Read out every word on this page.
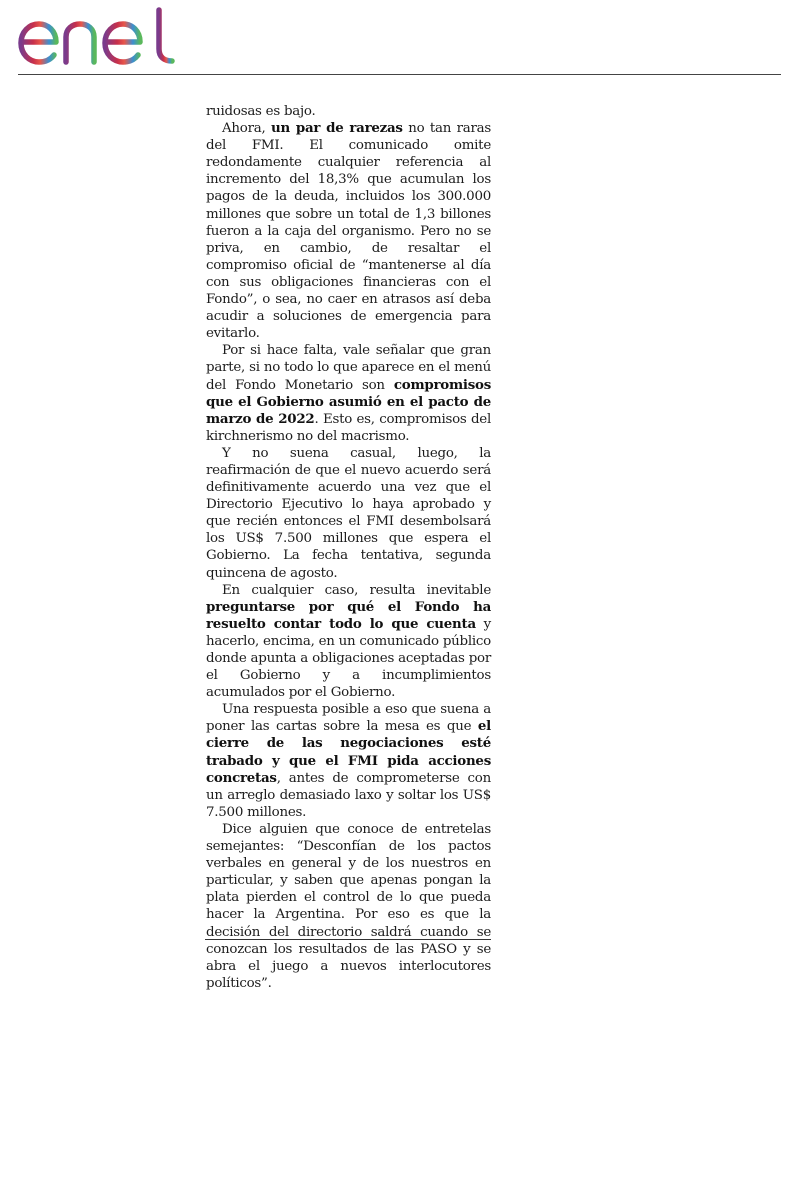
ruidosas es bajo.

Ahora, un par de rarezas no tan raras del FMI. El comunicado omite redondamente cualquier referencia al incremento del 18,3% que acumulan los pagos de la deuda, incluidos los 300.000 millones que sobre un total de 1,3 billones fueron a la caja del organismo. Pero no se priva, en cambio, de resaltar el compromiso oficial de “mantenerse al día con sus obligaciones financieras con el Fondo”, o sea, no caer en atrasos así deba acudir a soluciones de emergencia para evitarlo.

Por si hace falta, vale señalar que gran parte, si no todo lo que aparece en el menú del Fondo Monetario son compromisos que el Gobierno asumió en el pacto de marzo de 2022. Esto es, compromisos del kirchnerismo no del macrismo.

Y no suena casual, luego, la reafirmación de que el nuevo acuerdo será definitivamente acuerdo una vez que el Directorio Ejecutivo lo haya aprobado y que recién entonces el FMI desembolsará los US$ 7.500 millones que espera el Gobierno. La fecha tentativa, segunda quincena de agosto.

En cualquier caso, resulta inevitable preguntarse por qué el Fondo ha resuelto contar todo lo que cuenta y hacerlo, encima, en un comunicado público donde apunta a obligaciones aceptadas por el Gobierno y a incumplimientos acumulados por el Gobierno.

Una respuesta posible a eso que suena a poner las cartas sobre la mesa es que el cierre de las negociaciones esté trabado y que el FMI pida acciones concretas, antes de comprometerse con un arreglo demasiado laxo y soltar los US$ 7.500 millones.

Dice alguien que conoce de entretelas semejantes: “Desconfían de los pactos verbales en general y de los nuestros en particular, y saben que apenas pongan la plata pierden el control de lo que pueda hacer la Argentina. Por eso es que la decisión del directorio saldrá cuando se conozcan los resultados de las PASO y se abra el juego a nuevos interlocutores políticos”.
